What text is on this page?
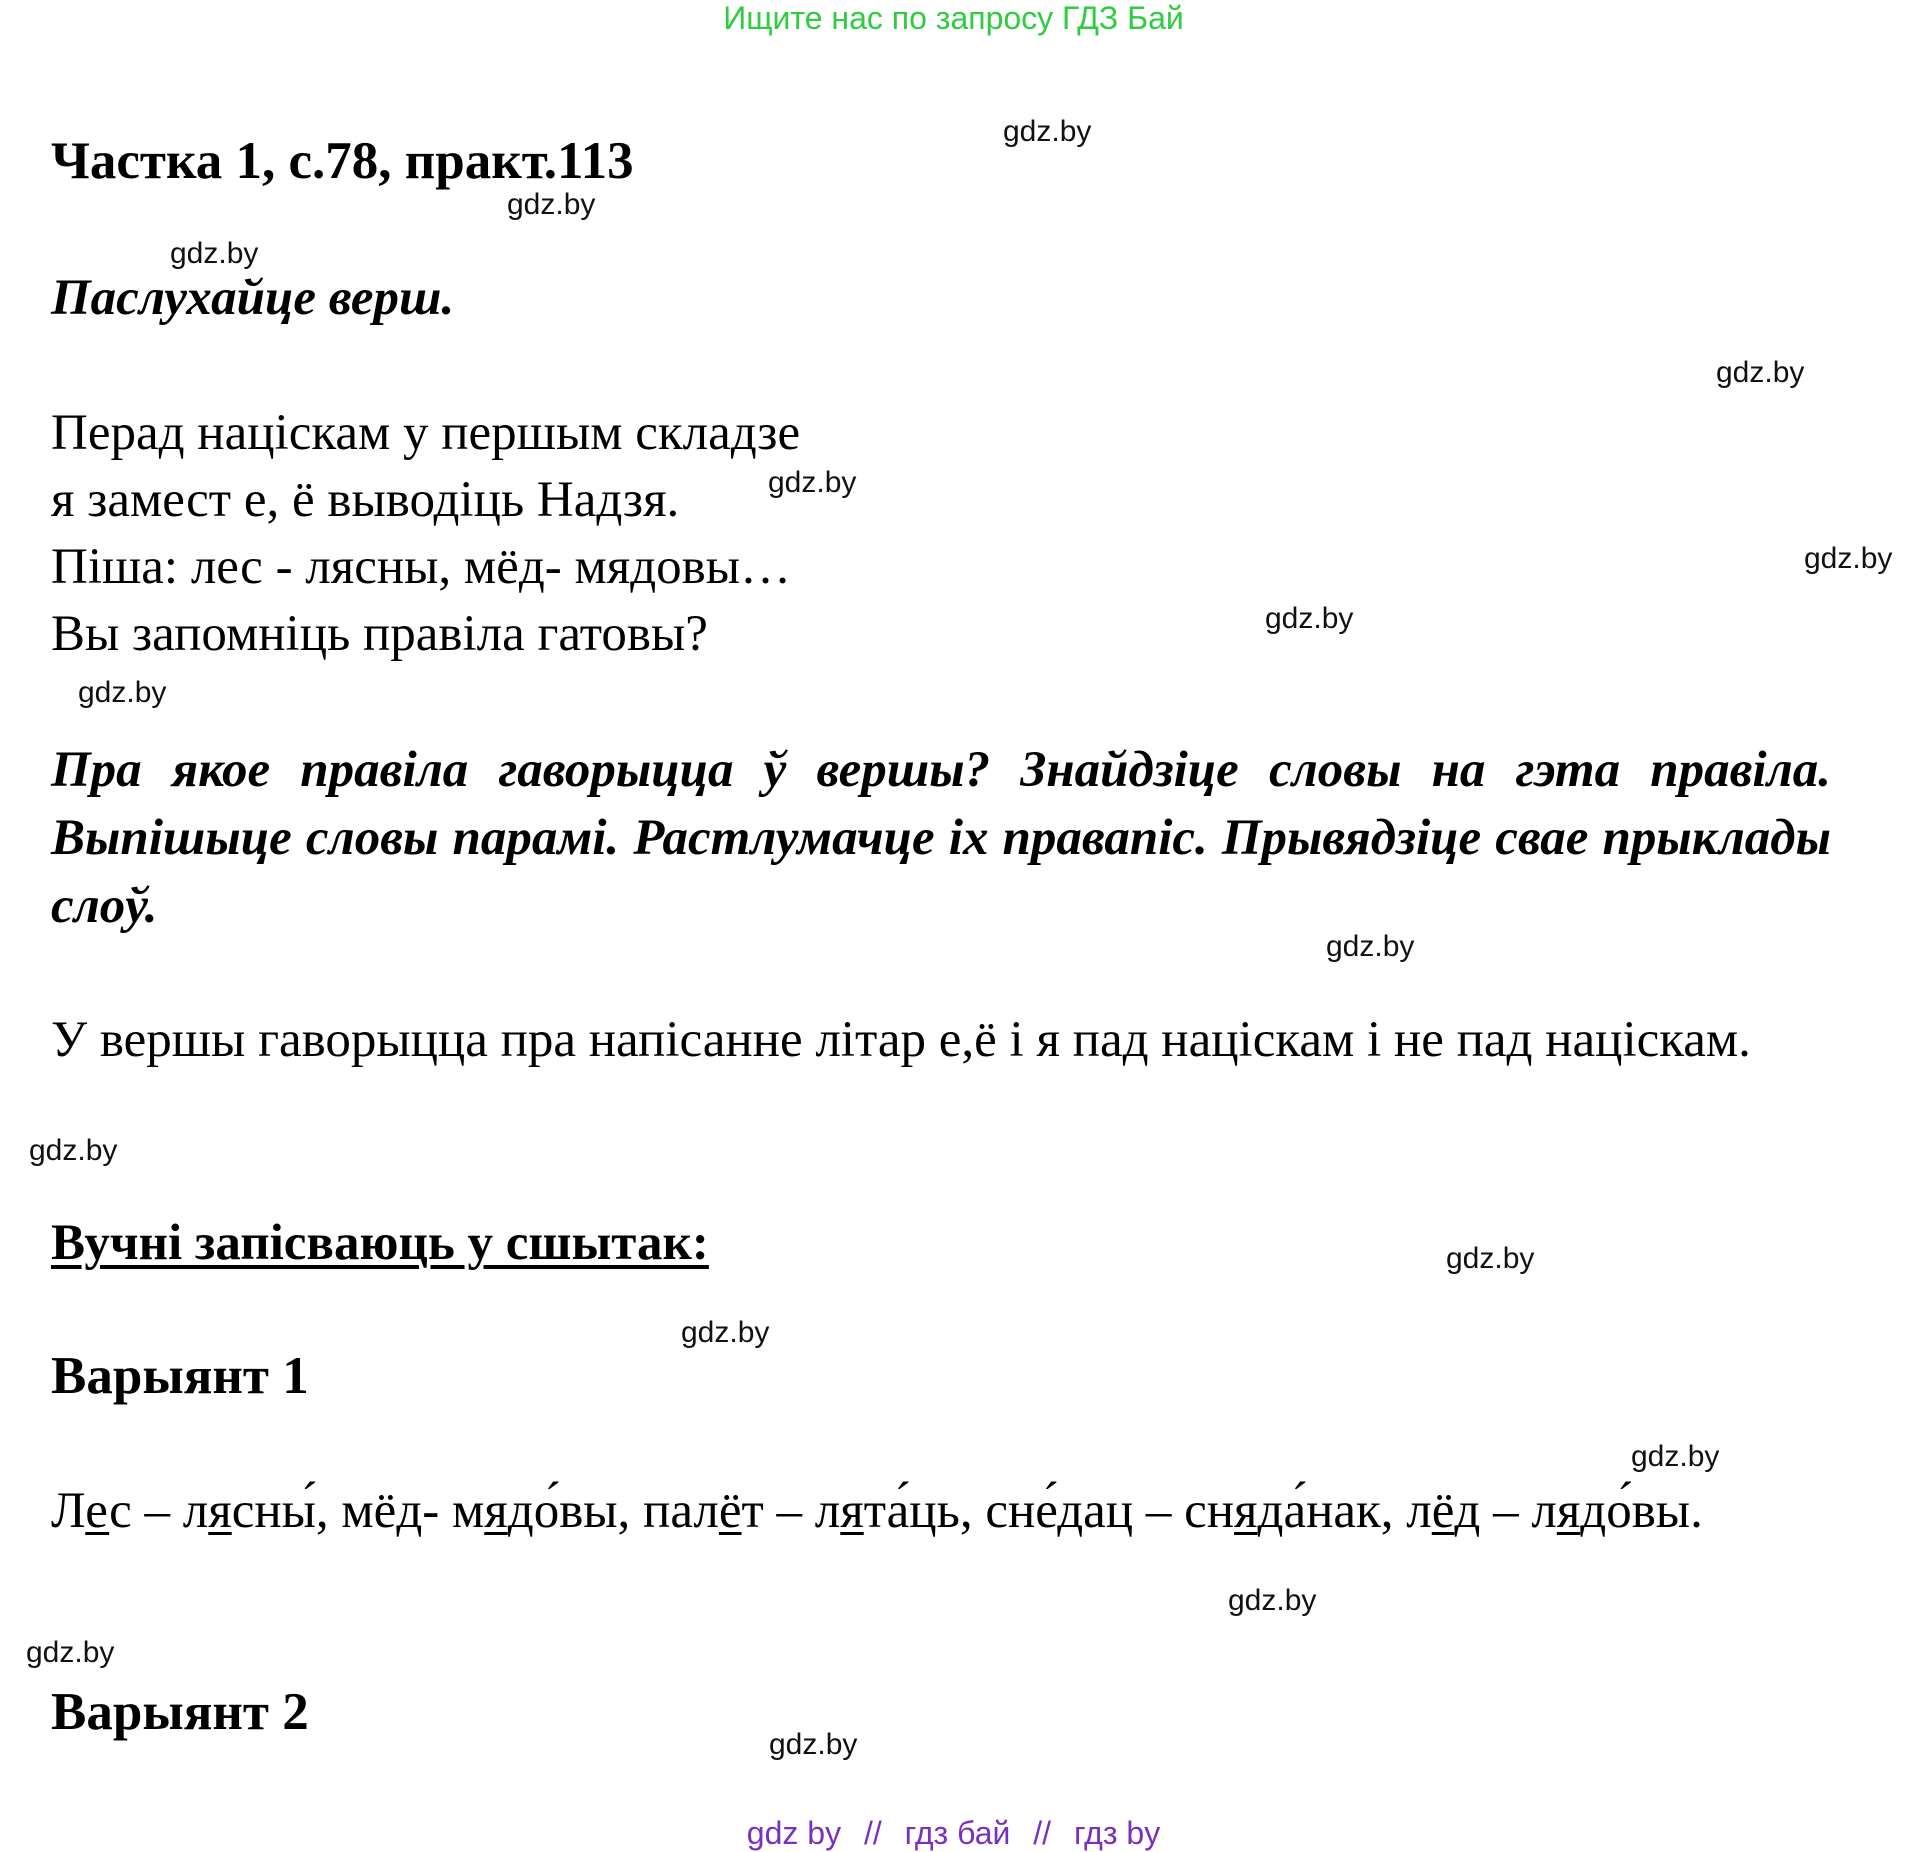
Ищите нас по запросу ГДЗ Бай
Частка 1, с.78, практ.113
Паслухайце верш.
Перад націскам у першым складзе
я замест е, ё выводіць Надзя.
Піша: лес - лясны, мёд- мядовы…
Вы запомніць правіла гатовы?
Пра якое правіла гаворыцца ў вершы? Знайдзіце словы на гэта правіла. Выпішыце словы парамі. Растлумачце іх правапіс. Прывядзіце свае прыклады слоў.
У вершы гаворыцца пра напісанне літар е,ё і я пад націскам і не пад націскам.
Вучні запісваюць у сшытак:
Варыянт 1
Лес – лясны́, мёд- мядо́вы, палёт – лята́ць, сне́дац – сняда́нак, лёд – лядо́вы.
Варыянт 2
gdz.by
gdz.by
gdz.by
gdz.by
gdz.by
gdz.by
gdz.by
gdz.by
gdz.by
gdz.by
gdz.by
gdz.by
gdz.by
gdz.by
gdz.by
gdz.by
gdz by // гдз бай // гдз by
